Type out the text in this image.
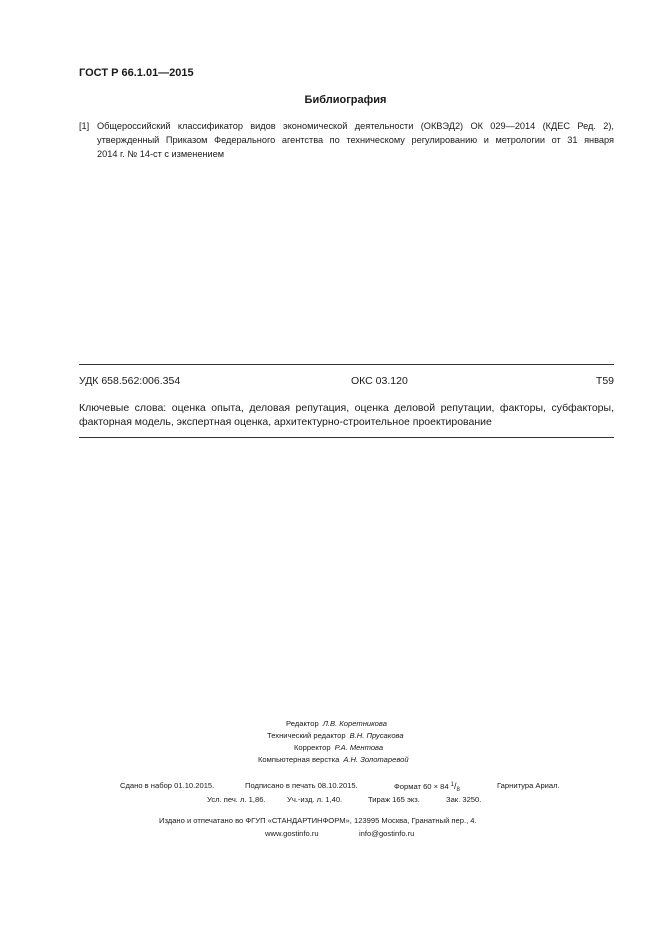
ГОСТ Р 66.1.01—2015
Библиография
[1] Общероссийский классификатор видов экономической деятельности (ОКВЭД2) ОК 029—2014 (КДЕС Ред. 2),
утвержденный Приказом Федерального агентства по техническому регулированию и метрологии от 31 января
2014 г. № 14-ст с изменением
УДК 658.562:006.354	ОКС 03.120	Т59
Ключевые слова: оценка опыта, деловая репутация, оценка деловой репутации, факторы, субфакторы,
факторная модель, экспертная оценка, архитектурно-строительное проектирование
Редактор Л.В. Коретникова
Технический редактор В.Н. Прусакова
Корректор Р.А. Ментова
Компьютерная верстка А.Н. Золотаревой
Сдано в набор 01.10.2015.	Подписано в печать 08.10.2015.	Формат 60 × 84 $^1/_8$	Гарнитура Ариал.
Усл. печ. л. 1,86.	Уч.-изд. л. 1,40.	Тираж 165 экз.	Зак. 3250.
Издано и отпечатано во ФГУП «СТАНДАРТИНФОРМ», 123995 Москва, Гранатный пер., 4.
www.gostinfo.ru	info@gostinfo.ru
